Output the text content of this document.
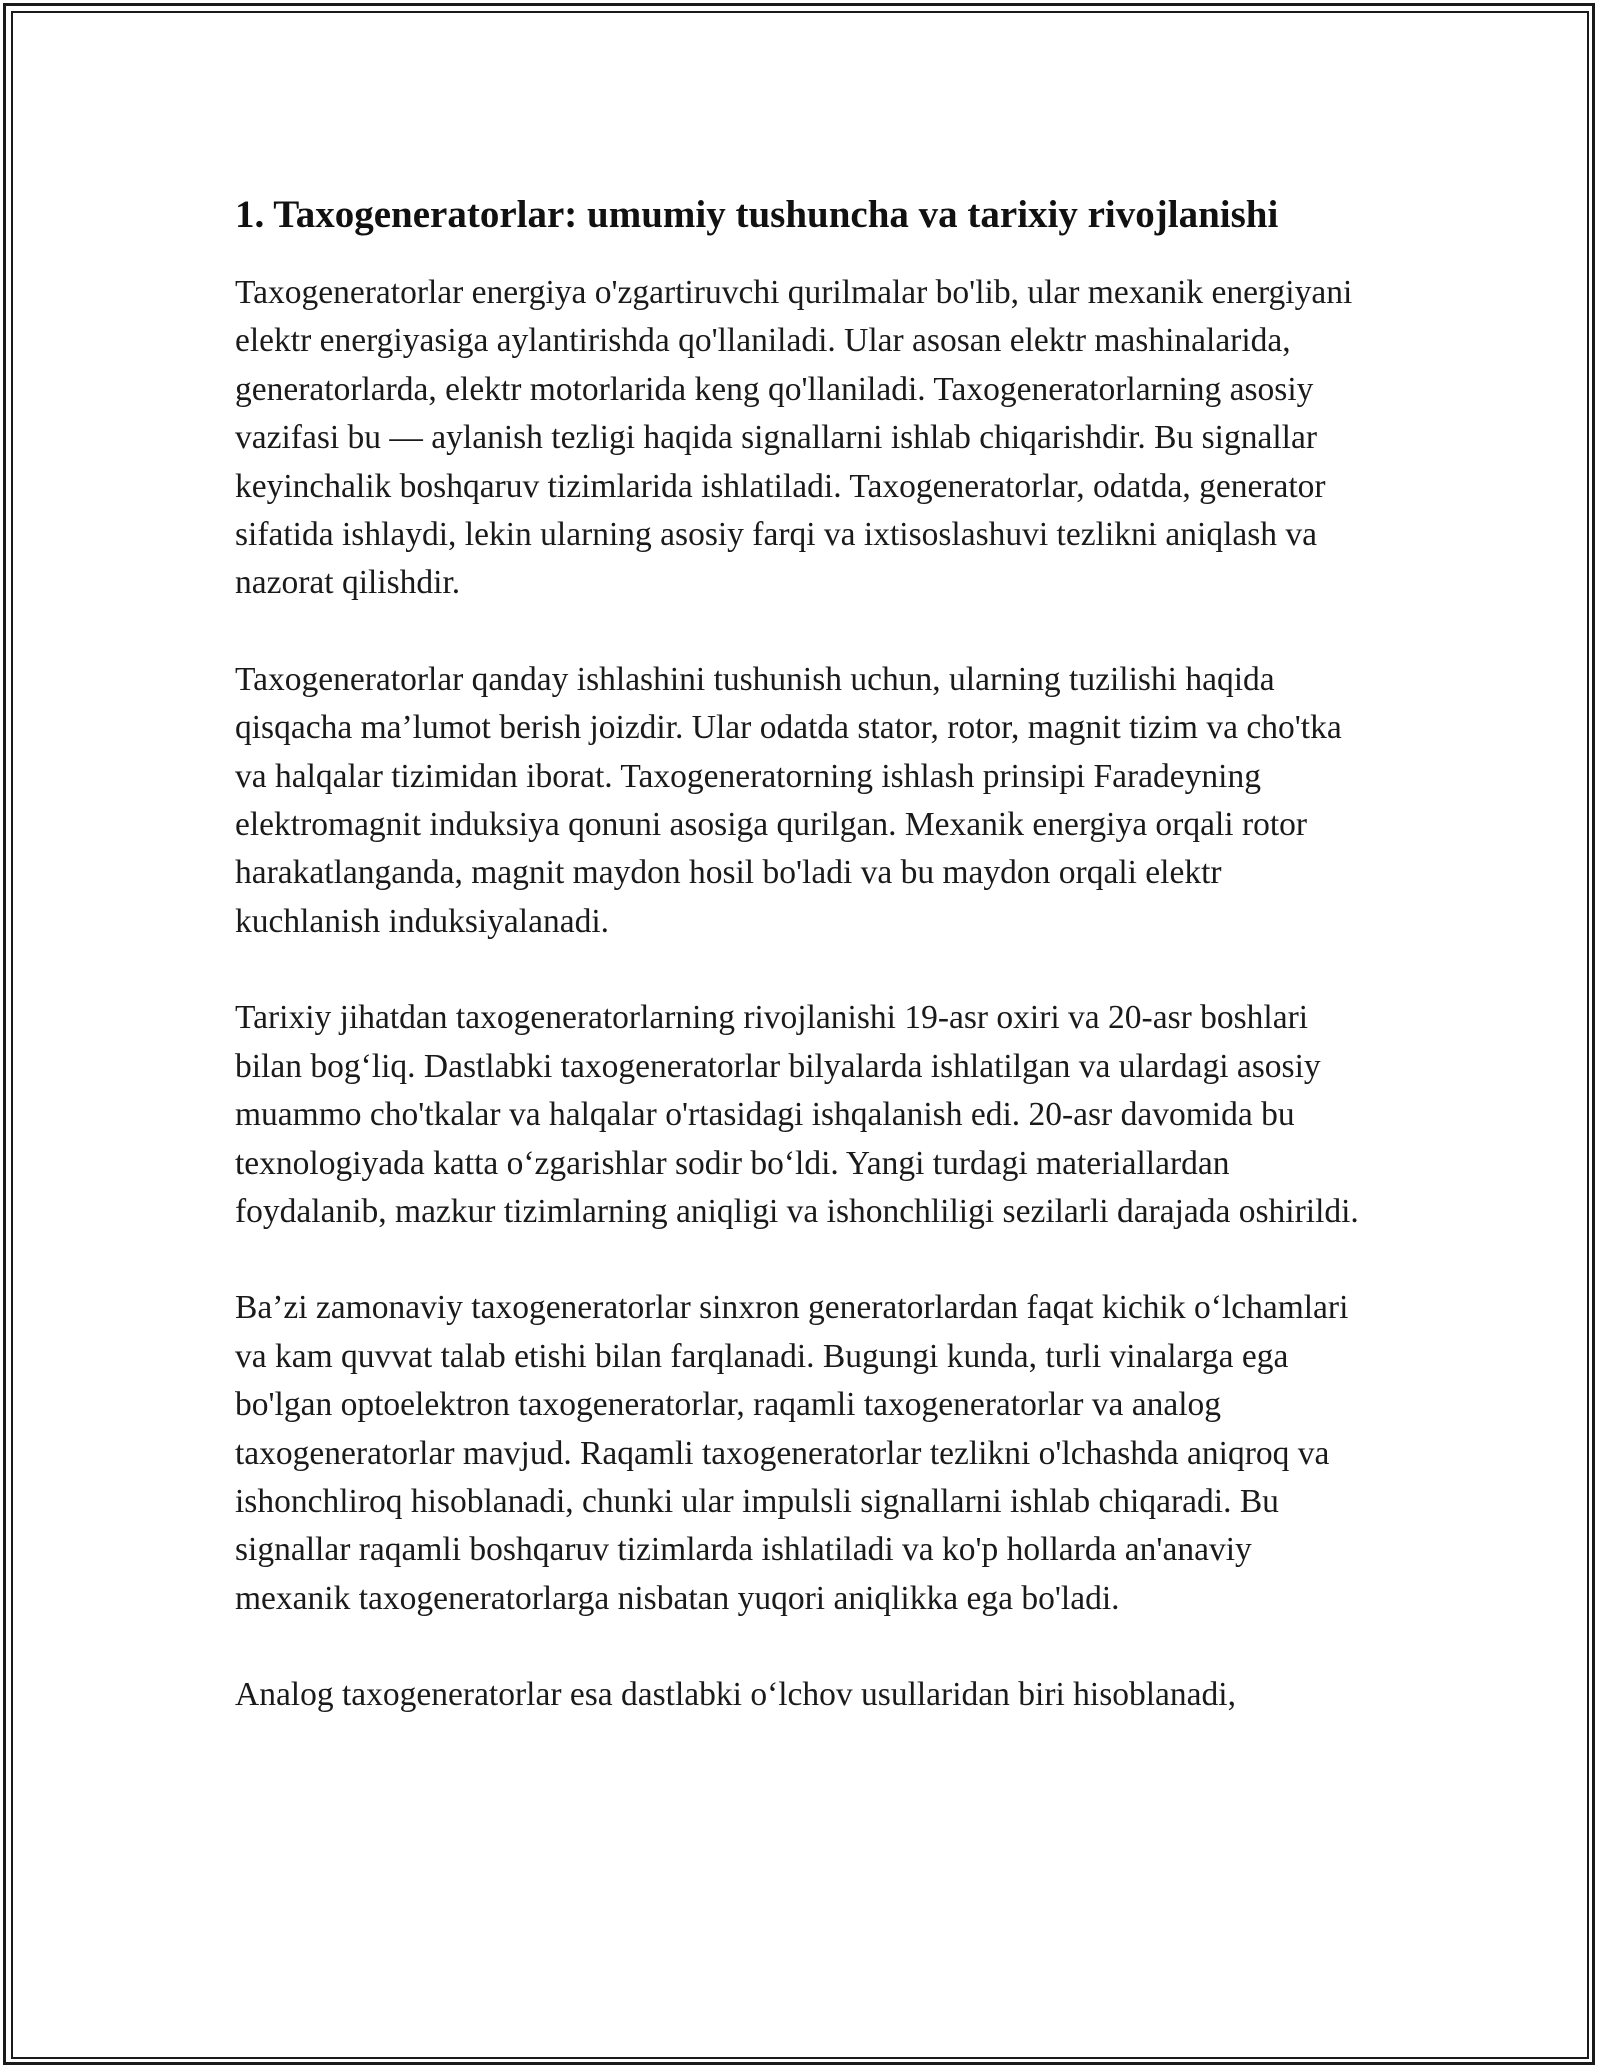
1. Taxogeneratorlar: umumiy tushuncha va tarixiy rivojlanishi

Taxogeneratorlar energiya o'zgartiruvchi qurilmalar bo'lib, ular mexanik energiyani elektr energiyasiga aylantirishda qo'llaniladi. Ular asosan elektr mashinalarida, generatorlarda, elektr motorlarida keng qo'llaniladi. Taxogeneratorlarning asosiy vazifasi bu — aylanish tezligi haqida signallarni ishlab chiqarishdir. Bu signallar keyinchalik boshqaruv tizimlarida ishlatiladi. Taxogeneratorlar, odatda, generator sifatida ishlaydi, lekin ularning asosiy farqi va ixtisoslashuvi tezlikni aniqlash va nazorat qilishdir.

Taxogeneratorlar qanday ishlashini tushunish uchun, ularning tuzilishi haqida qisqacha ma’lumot berish joizdir. Ular odatda stator, rotor, magnit tizim va cho'tka va halqalar tizimidan iborat. Taxogeneratorning ishlash prinsipi Faradeyning elektromagnit induksiya qonuni asosiga qurilgan. Mexanik energiya orqali rotor harakatlanganda, magnit maydon hosil bo'ladi va bu maydon orqali elektr kuchlanish induksiyalanadi.

Tarixiy jihatdan taxogeneratorlarning rivojlanishi 19-asr oxiri va 20-asr boshlari bilan bog‘liq. Dastlabki taxogeneratorlar bilyalarda ishlatilgan va ulardagi asosiy muammo cho'tkalar va halqalar o'rtasidagi ishqalanish edi. 20-asr davomida bu texnologiyada katta o‘zgarishlar sodir bo‘ldi. Yangi turdagi materiallardan foydalanib, mazkur tizimlarning aniqligi va ishonchliligi sezilarli darajada oshirildi.

Ba’zi zamonaviy taxogeneratorlar sinxron generatorlardan faqat kichik o‘lchamlari va kam quvvat talab etishi bilan farqlanadi. Bugungi kunda, turli vinalarga ega bo'lgan optoelektron taxogeneratorlar, raqamli taxogeneratorlar va analog taxogeneratorlar mavjud. Raqamli taxogeneratorlar tezlikni o'lchashda aniqroq va ishonchliroq hisoblanadi, chunki ular impulsli signallarni ishlab chiqaradi. Bu signallar raqamli boshqaruv tizimlarda ishlatiladi va ko'p hollarda an'anaviy mexanik taxogeneratorlarga nisbatan yuqori aniqlikka ega bo'ladi.

Analog taxogeneratorlar esa dastlabki o‘lchov usullaridan biri hisoblanadi,
